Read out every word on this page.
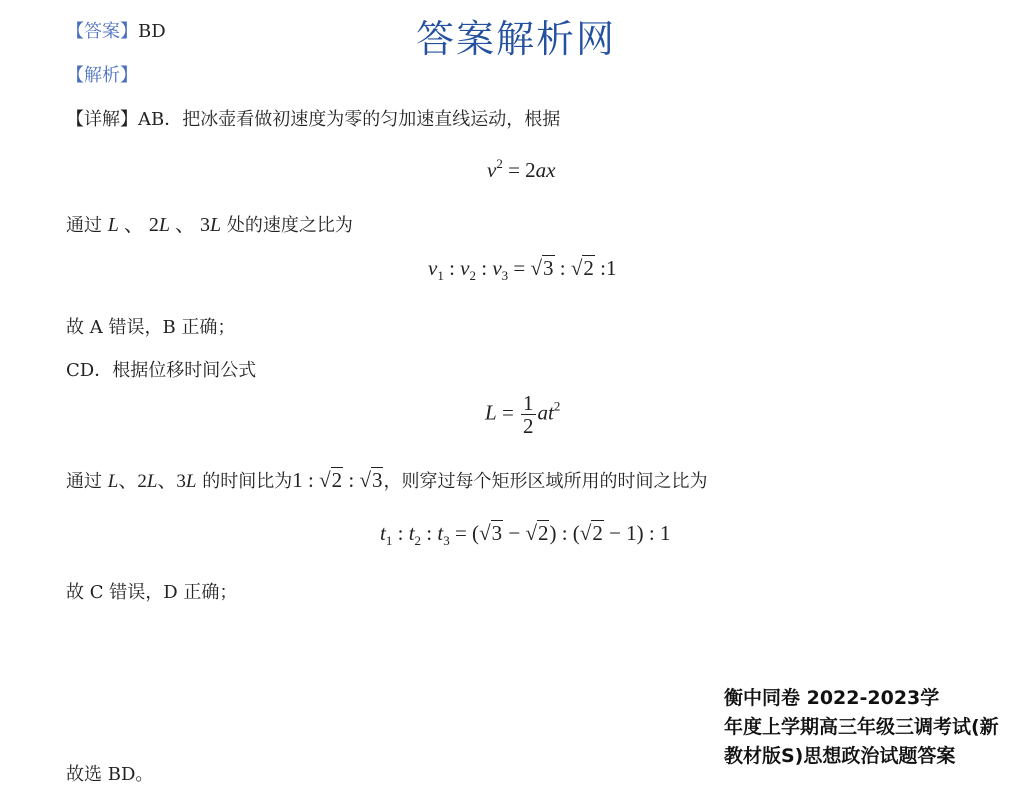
【答案】BD	答案解析网
【解析】
【详解】AB．把冰壶看做初速度为零的匀加速直线运动，根据
$v^2 = 2ax$
通过 L 、 2L 、 3L 处的速度之比为
$v_1$ : $v_2$ : $v_3 = √3$ : √2 :1
故 A 错误，B 正确；
CD．根据位移时间公式
$L = \frac{1}{2} at^2$
通过 L、2L、3L 的时间比为1 : √2 : √3，则穿过每个矩形区域所用的时间之比为
$t_1$ : $t_2$ : $t_3 = (√3 - √2)$ : (√2 − 1) : 1
故 C 错误，D 正确；
故选 BD。
衡中同卷 2022-2023学
年度上学期高三年级三调考试(新
教材版S)思想政治试题答案
